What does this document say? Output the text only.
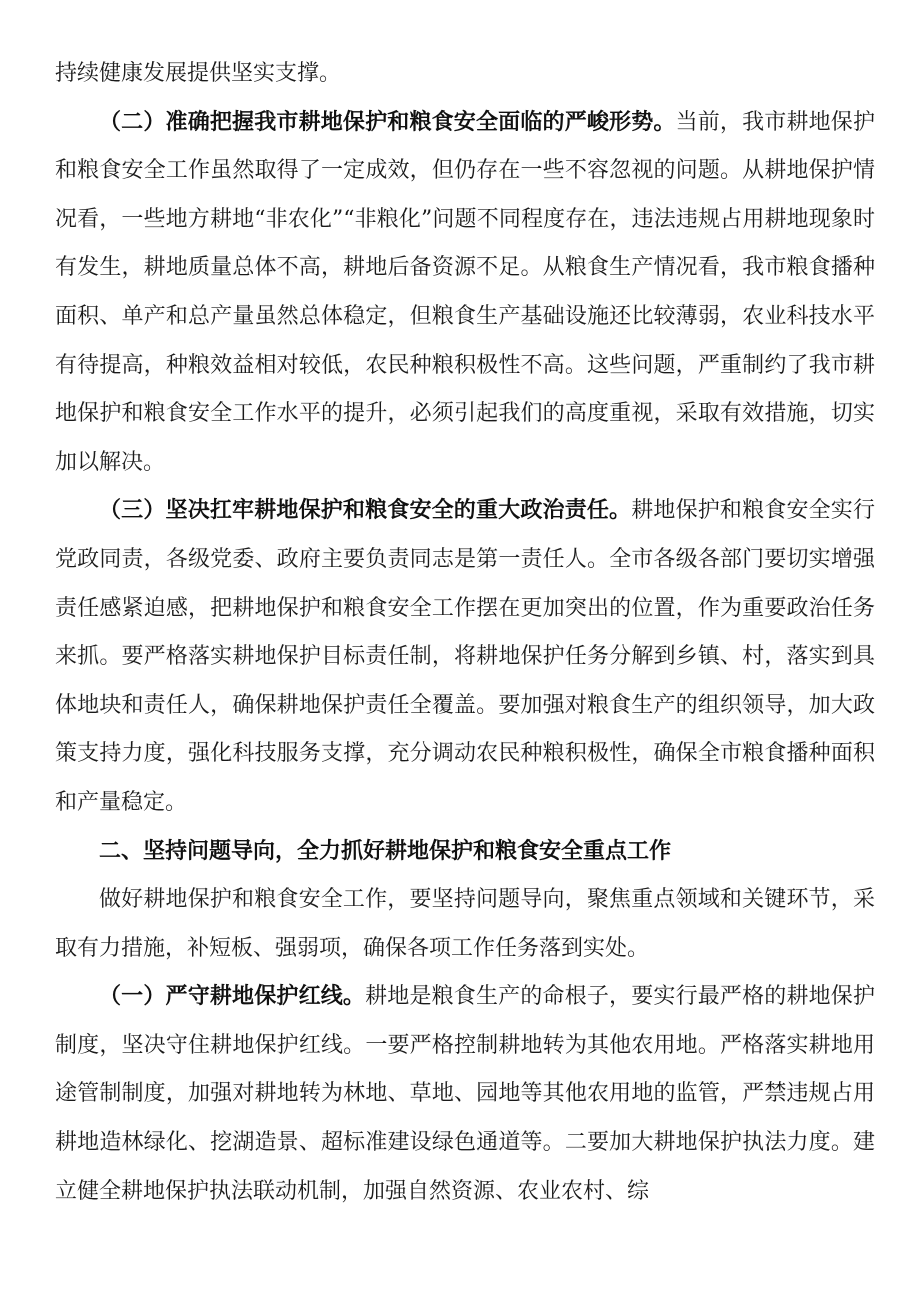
持续健康发展提供坚实支撑。

（二）准确把握我市耕地保护和粮食安全面临的严峻形势。当前，我市耕地保护和粮食安全工作虽然取得了一定成效，但仍存在一些不容忽视的问题。从耕地保护情况看，一些地方耕地“非农化”“非粮化”问题不同程度存在，违法违规占用耕地现象时有发生，耕地质量总体不高，耕地后备资源不足。从粮食生产情况看，我市粮食播种面积、单产和总产量虽然总体稳定，但粮食生产基础设施还比较薄弱，农业科技水平有待提高，种粮效益相对较低，农民种粮积极性不高。这些问题，严重制约了我市耕地保护和粮食安全工作水平的提升，必须引起我们的高度重视，采取有效措施，切实加以解决。

（三）坚决扛牢耕地保护和粮食安全的重大政治责任。耕地保护和粮食安全实行党政同责，各级党委、政府主要负责同志是第一责任人。全市各级各部门要切实增强责任感紧迫感，把耕地保护和粮食安全工作摆在更加突出的位置，作为重要政治任务来抓。要严格落实耕地保护目标责任制，将耕地保护任务分解到乡镇、村，落实到具体地块和责任人，确保耕地保护责任全覆盖。要加强对粮食生产的组织领导，加大政策支持力度，强化科技服务支撑，充分调动农民种粮积极性，确保全市粮食播种面积和产量稳定。

二、坚持问题导向，全力抓好耕地保护和粮食安全重点工作

做好耕地保护和粮食安全工作，要坚持问题导向，聚焦重点领域和关键环节，采取有力措施，补短板、强弱项，确保各项工作任务落到实处。

（一）严守耕地保护红线。耕地是粮食生产的命根子，要实行最严格的耕地保护制度，坚决守住耕地保护红线。一要严格控制耕地转为其他农用地。严格落实耕地用途管制制度，加强对耕地转为林地、草地、园地等其他农用地的监管，严禁违规占用耕地造林绿化、挖湖造景、超标准建设绿色通道等。二要加大耕地保护执法力度。建立健全耕地保护执法联动机制，加强自然资源、农业农村、综
